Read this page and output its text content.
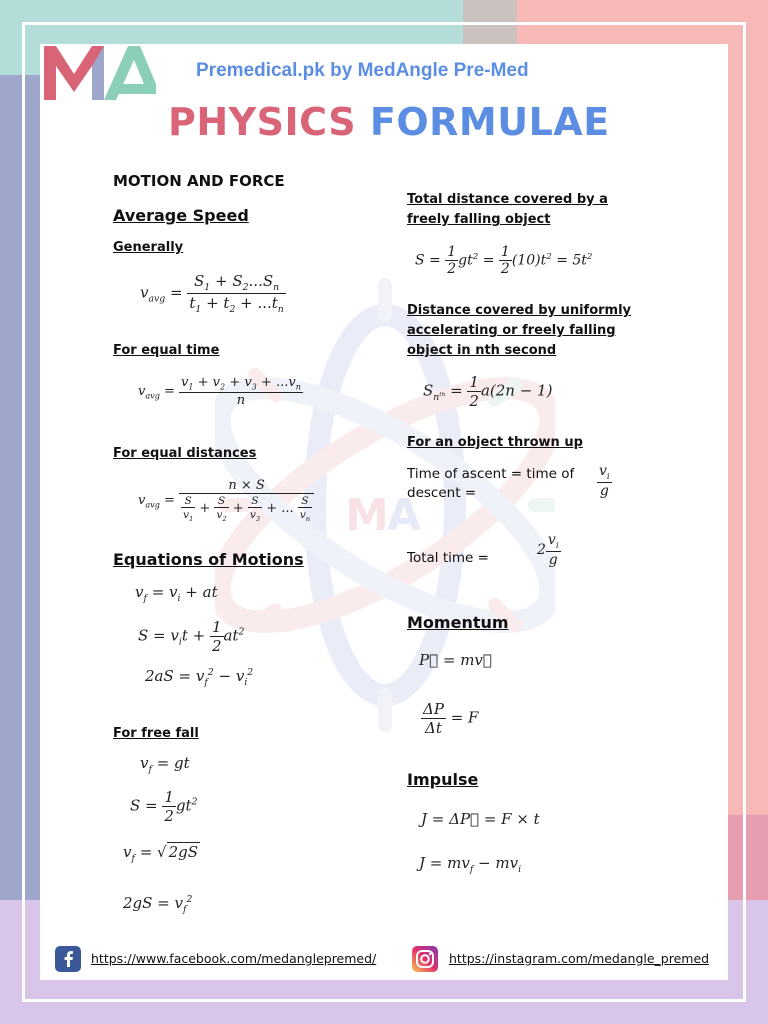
M
A
Premedical.pk by MedAngle Pre-Med
PHYSICS FORMULAE
MOTION AND FORCE
Average Speed
Generally
$v_{avg} = \frac{S_1 + S_2...S_n}{t_1 + t_2 + ...t_n}$
For equal time
$v_{avg} = \frac{v_1 + v_2 + v_3 + ...v_n}{n}$
For equal distances
$v_{avg} = \frac{n \times S}{\frac{S}{v_1} + \frac{S}{v_2} + \frac{S}{v_3} + ... \frac{S}{v_n}}$
Equations of Motions
$v_f = v_i$ + at
$S = v_it + \frac{1}{2} at^2$
$2aS = v_f^2 - v_i^2$
For free fall
$v_f$ = gt
$S = \frac{1}{2} gt^2$
$v_f$ = √ 2gS
$2gS = v_f^2$
Total distance covered by a freely falling object
$S = \frac{1}{2} gt^2 = \frac{1}{2} (10)t^2 = 5t^2$
Distance covered by uniformly accelerating or freely falling object in nth second
$S_{n^{th}} = \frac{1}{2} a(2n - 1)$
For an object thrown up
Time of ascent = time of descent =	$\frac{v_i}{g}$
Total time =
$2 \frac{v_i}{g}$
Momentum
P⃗ = mv⃗
$\frac{\Delta P}{\Delta t} = F$
Impulse
J = ΔP⃗ = F × t
$J = mv_f - mv_i$
https://www.facebook.com/medanglepremed/	https://instagram.com/medangle_premed
